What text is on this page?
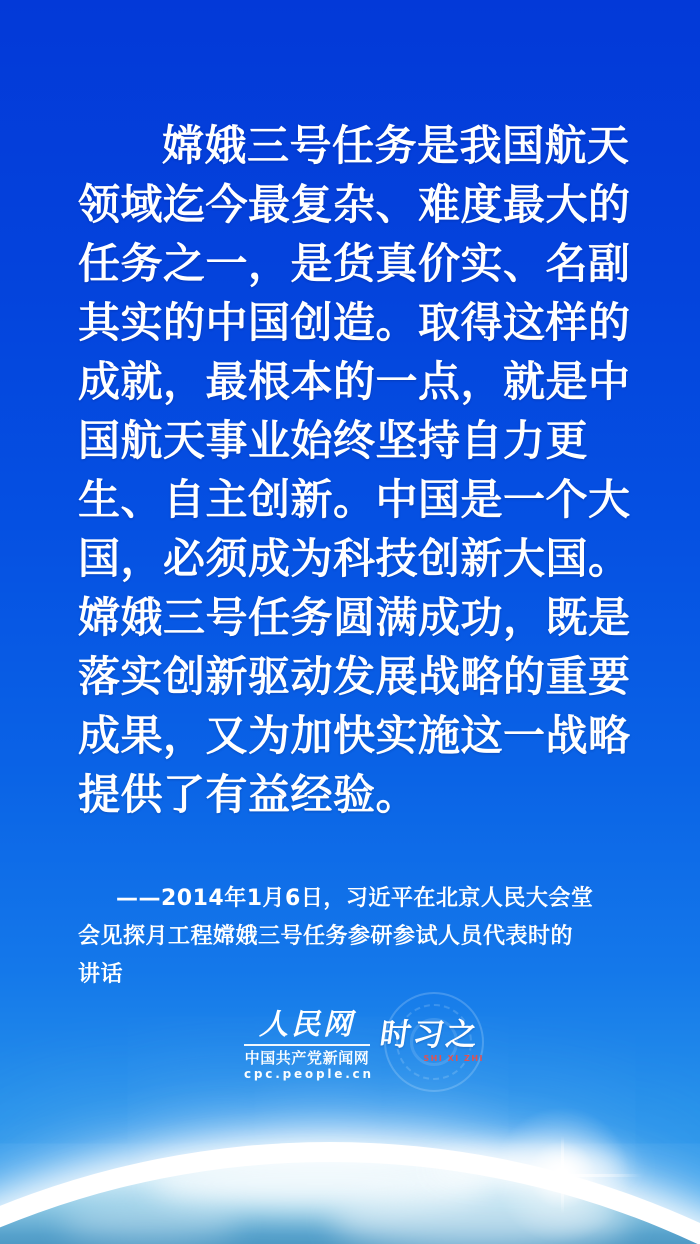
嫦娥三号任务是我国航天
领域迄今最复杂、难度最大的
任务之一，是货真价实、名副
其实的中国创造。取得这样的
成就，最根本的一点，就是中
国航天事业始终坚持自力更
生、自主创新。中国是一个大
国，必须成为科技创新大国。
嫦娥三号任务圆满成功，既是
落实创新驱动发展战略的重要
成果，又为加快实施这一战略
提供了有益经验。
——2014年1月6日，习近平在北京人民大会堂
会见探月工程嫦娥三号任务参研参试人员代表时的
讲话
人民网
中国共产党新闻网
cpc.people.cn
时习之
SHI XI ZHI
